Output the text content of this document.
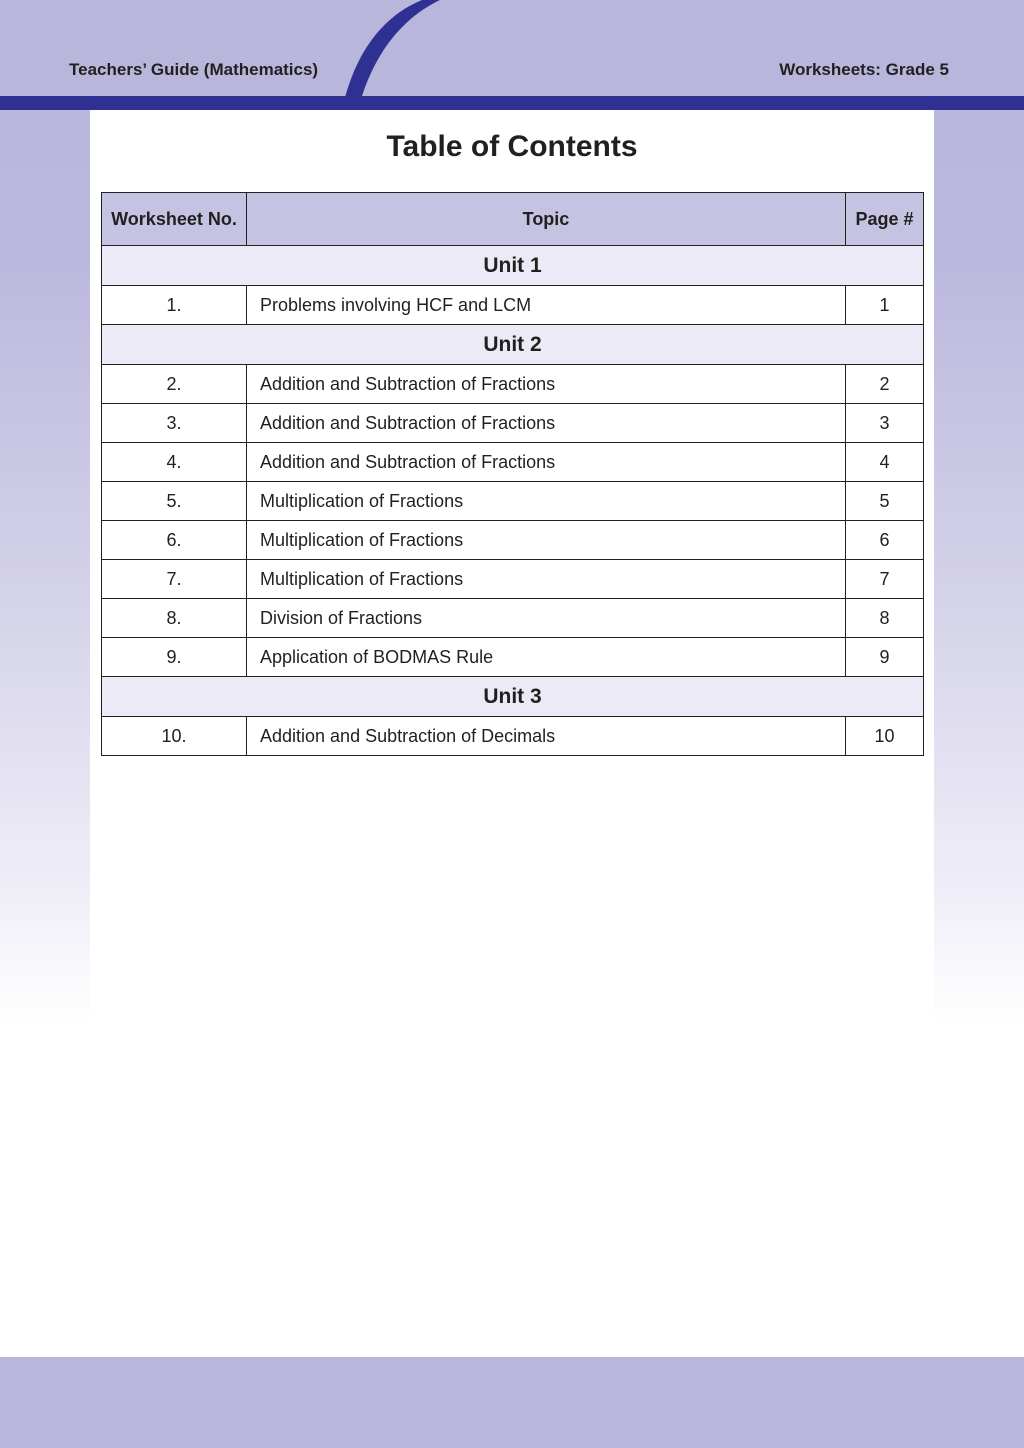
Teachers’ Guide (Mathematics)	Worksheets: Grade 5
Table of Contents
Worksheet No.	Topic	Page #
Unit 1		
1.	Problems involving HCF and LCM	1
Unit 2		
2.	Addition and Subtraction of Fractions	2
3.	Addition and Subtraction of Fractions	3
4.	Addition and Subtraction of Fractions	4
5.	Multiplication of Fractions	5
6.	Multiplication of Fractions	6
7.	Multiplication of Fractions	7
8.	Division of Fractions	8
9.	Application of BODMAS Rule	9
Unit 3		
10.	Addition and Subtraction of Decimals	10
